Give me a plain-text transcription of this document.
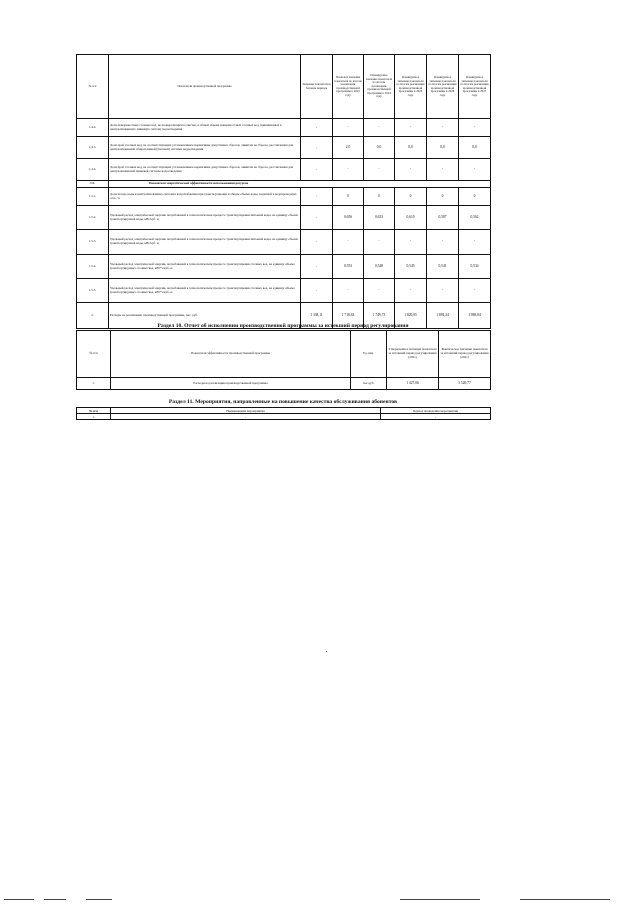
№ п/п	Показатели производственной программы	Значение показателя в базовом периоде	Плановое значение показателя по итогам реализации производственной программы в 2023 году	Планируемое значение показателя по итогам реализации производственной программы в 2024 году	Планируемое значение показателя по итогам реализации производственной программы в 2025 году	Планируемое значение показателя по итогам реализации производственной программы в 2026 году	Планируемое значение показателя по итогам реализации производственной программы в 2027 году
1.4.2.	Доля поверхностных сточных вод, не подвергающихся очистке, в общем объеме поверхностных сточных вод, принимаемых в централизованную ливневую систему водоотведения	-	-	-	-	-	-
1.4.3.	Доля проб сточных вод, не соответствующих установленным нормативам допустимых сбросов, лимитам на сбросы, рассчитанная для централизованной общесплавной (бытовой) системы водоотведения	-	2,0	0,0	0,0	0,0	0,0
1.4.4.	Доля проб сточных вод, не соответствующих установленным нормативам допустимых сбросов, лимитам на сбросы, рассчитанная для централизованной ливневой системы водоотведения	-	-	-	-	-	-
1.5.	Показатели энергетической эффективности использования ресурсов						
1.5.1.	Доля потерь воды в централизованных системах водоснабжения при транспортировке в общем объеме воды, поданной в водопроводную сеть, %	-	0	0	0	0	0
1.5.2.	Удельный расход электрической энергии, потребляемой в технологическом процессе транспортировки питьевой воды, на единицу объема транспортируемой воды, кВт/куб. м	-	0,656	0,633	0,610	0,587	0,562
1.5.3.	Удельный расход электрической энергии, потребляемой в технологическом процессе транспортировки питьевой воды, на единицу объема транспортируемой воды, кВт/куб. м	-	-	-	-	-	-
1.5.4.	Удельный расход электрической энергии, потребляемой в технологическом процессе транспортировки сточных вод, на единицу объема транспортируемых сточных вод, кВт*ч/куб. м	-	0,553	0,548	0,545	0,541	0,534
1.5.5.	Удельный расход электрической энергии, потребляемой в технологическом процессе транспортировки сточных вод, на единицу объема транспортируемых сточных вод, кВт*ч/куб. м	-	-	-	-	-	-
2.	Расходы на реализацию производственной программы, тыс. руб.	1 338,11	1 718,63	1 749,73	1 820,05	1 892,24	1 969,84
Раздел 10. Отчет об исполнении производственной программы за истекший период регулирования
№ п/п	Показатели эффективности производственной программы	Ед. изм.	Утвержденное значение показателя за истекший период регулирования (2021)	Фактическое значение показателя за истекший период регулирования (2021)
1.	Расходы на реализацию производственной программы	тыс.руб.	1 427,06	3 520,77
Раздел 11. Мероприятия, направленные на повышение качества обслуживания абонентов
№ п/п	Наименование мероприятия	Период проведения мероприятия
1.	-	-
